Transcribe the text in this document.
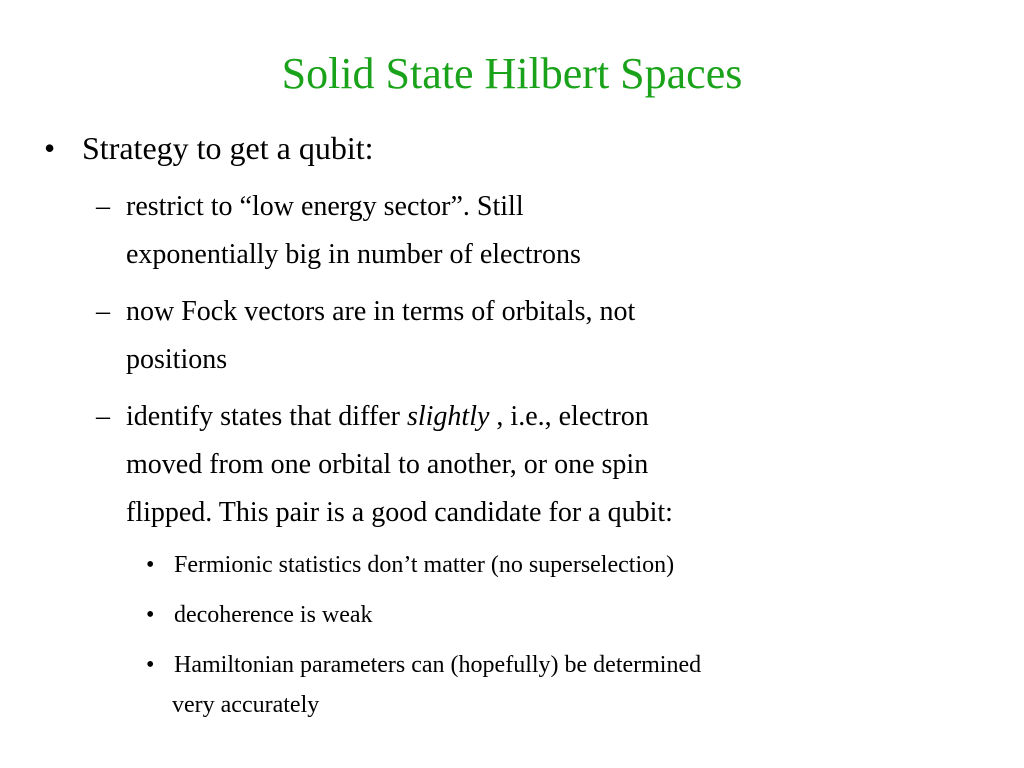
Solid State Hilbert Spaces
• Strategy to get a qubit:
– restrict to “low energy sector”. Still
exponentially big in number of electrons
– now Fock vectors are in terms of orbitals, not
positions
– identify states that differ slightly , i.e., electron
moved from one orbital to another, or one spin
flipped. This pair is a good candidate for a qubit:
• Fermionic statistics don’t matter (no superselection)
• decoherence is weak
• Hamiltonian parameters can (hopefully) be determined
very accurately
